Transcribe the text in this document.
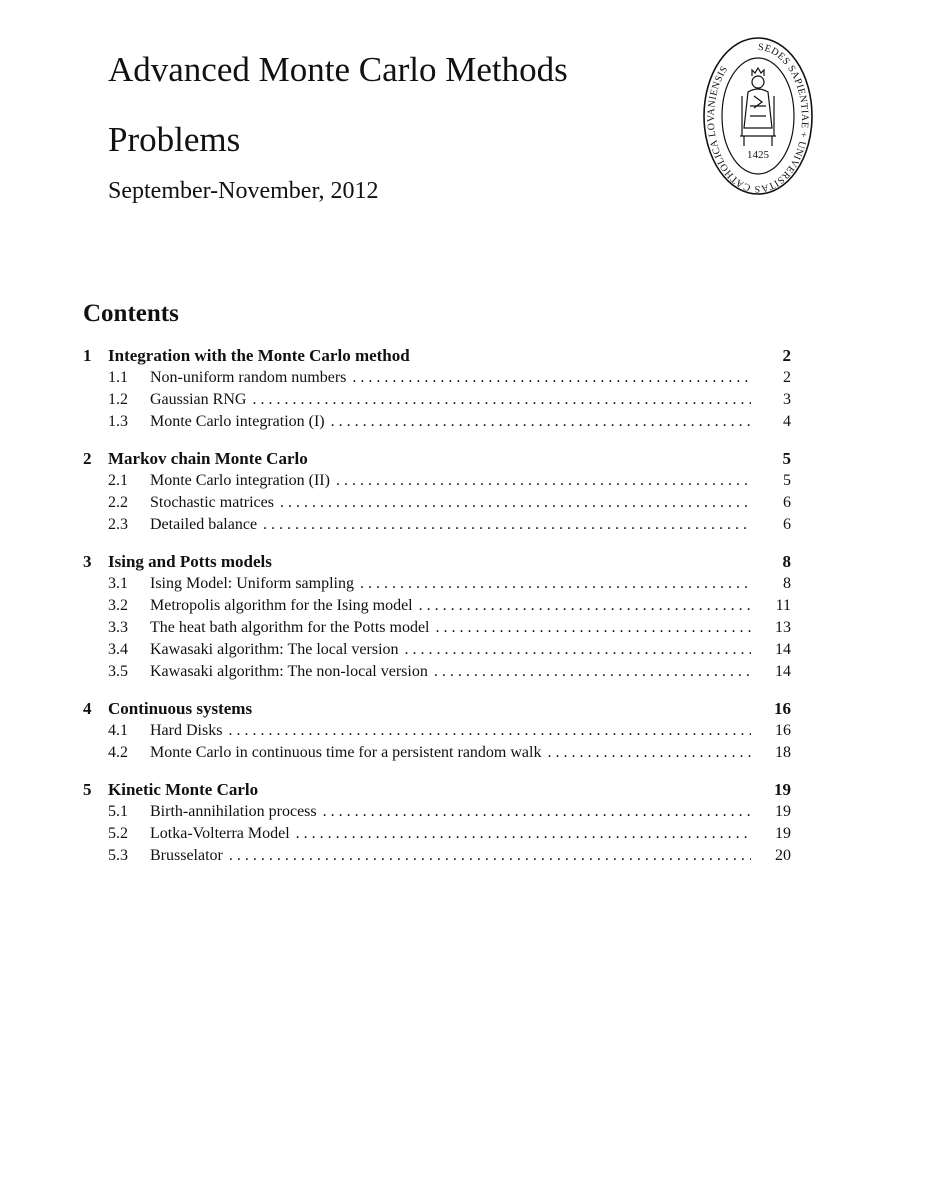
Advanced Monte Carlo Methods
Problems
September-November, 2012
SEDES SAPIENTIAE + UNIVERSITAS CATHOLICA LOVANIENSIS
1425
Contents
1 Integration with the Monte Carlo method	2
1.1	Non-uniform random numbers . . .	2
1.2	Gaussian RNG . . .	3
1.3	Monte Carlo integration (I) . . .	4
2 Markov chain Monte Carlo	5
2.1	Monte Carlo integration (II) . . .	5
2.2	Stochastic matrices . . .	6
2.3	Detailed balance . . .	6
3 Ising and Potts models	8
3.1	Ising Model: Uniform sampling . . .	8
3.2	Metropolis algorithm for the Ising model . . .	11
3.3	The heat bath algorithm for the Potts model . . .	13
3.4	Kawasaki algorithm: The local version . . .	14
3.5	Kawasaki algorithm: The non-local version . . .	14
4 Continuous systems	16
4.1	Hard Disks . . .	16
4.2	Monte Carlo in continuous time for a persistent random walk . . .	18
5 Kinetic Monte Carlo	19
5.1	Birth-annihilation process . . .	19
5.2	Lotka-Volterra Model . . .	19
5.3	Brusselator . . .	20
